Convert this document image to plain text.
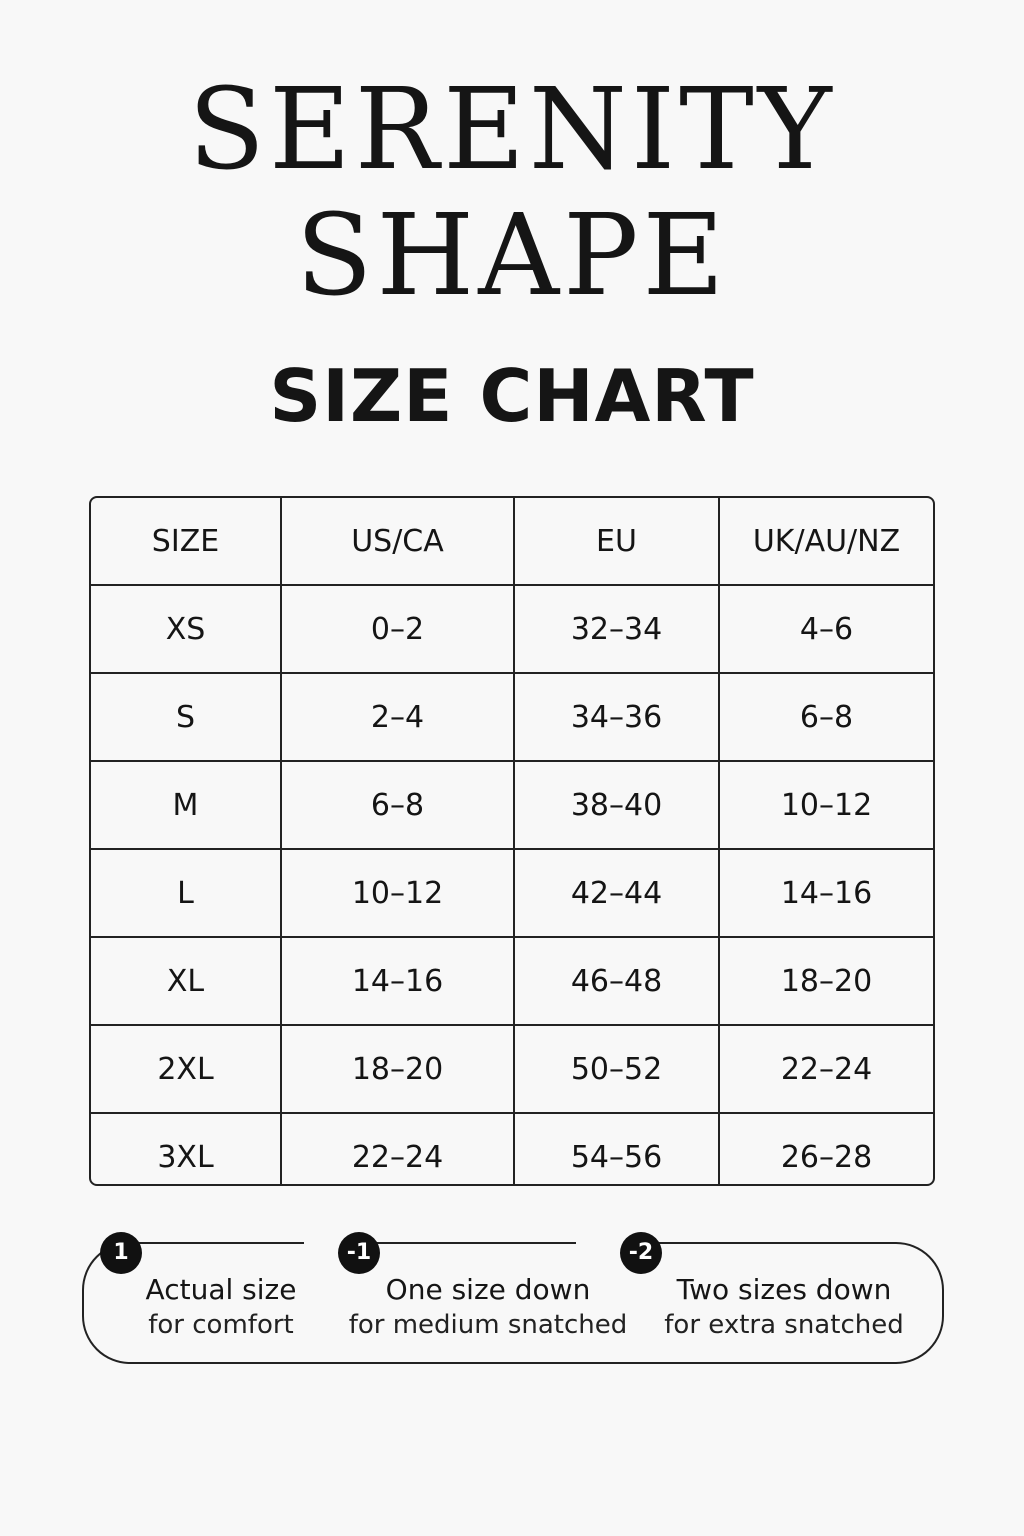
SERENITY
SHAPE
SIZE CHART
SIZE	US/CA	EU	UK/AU/NZ
XS	0–2	32–34	4–6
S	2–4	34–36	6–8
M	6–8	38–40	10–12
L	10–12	42–44	14–16
XL	14–16	46–48	18–20
2XL	18–20	50–52	22–24
3XL	22–24	54–56	26–28
1	-1	-2
Actual size
for comfort
One size down
for medium snatched
Two sizes down
for extra snatched
